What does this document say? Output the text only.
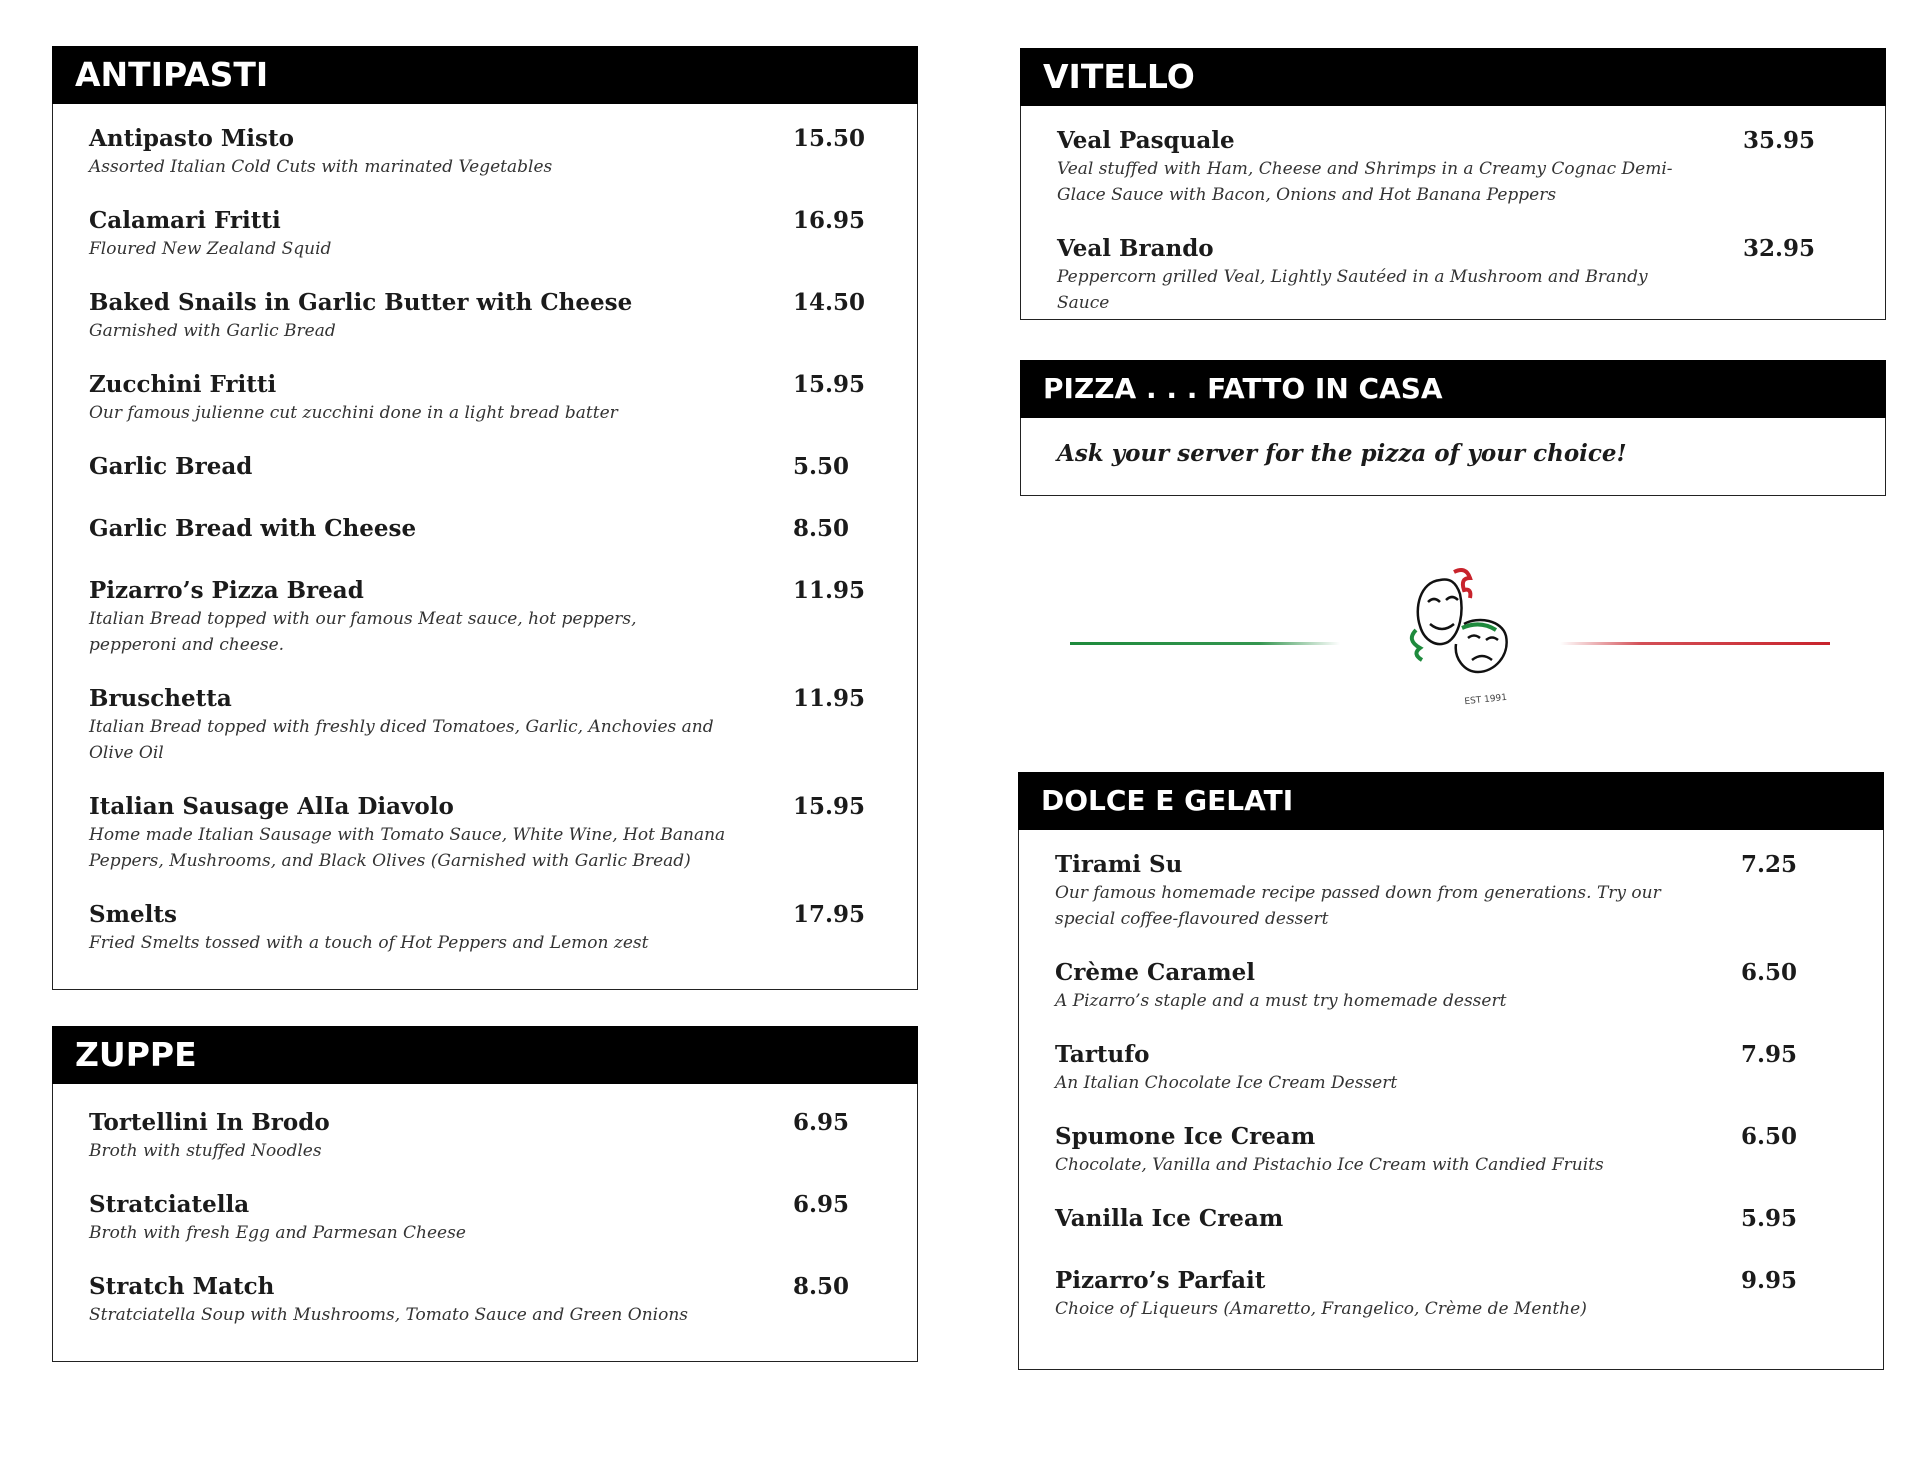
ANTIPASTI
Antipasto Misto	15.50
Assorted Italian Cold Cuts with marinated Vegetables
Calamari Fritti	16.95
Floured New Zealand Squid
Baked Snails in Garlic Butter with Cheese	14.50
Garnished with Garlic Bread
Zucchini Fritti	15.95
Our famous julienne cut zucchini done in a light bread batter
Garlic Bread	5.50
Garlic Bread with Cheese	8.50
Pizarro’s Pizza Bread	11.95
Italian Bread topped with our famous Meat sauce, hot peppers, pepperoni and cheese.
Bruschetta	11.95
Italian Bread topped with freshly diced Tomatoes, Garlic, Anchovies and Olive Oil
Italian Sausage AlIa Diavolo	15.95
Home made Italian Sausage with Tomato Sauce, White Wine, Hot Banana Peppers, Mushrooms, and Black Olives (Garnished with Garlic Bread)
Smelts	17.95
Fried Smelts tossed with a touch of Hot Peppers and Lemon zest
ZUPPE
Tortellini In Brodo	6.95
Broth with stuffed Noodles
Stratciatella	6.95
Broth with fresh Egg and Parmesan Cheese
Stratch Match	8.50
Stratciatella Soup with Mushrooms, Tomato Sauce and Green Onions
VITELLO
Veal Pasquale	35.95
Veal stuffed with Ham, Cheese and Shrimps in a Creamy Cognac Demi-Glace Sauce with Bacon, Onions and Hot Banana Peppers
Veal Brando	32.95
Peppercorn grilled Veal, Lightly Sautéed in a Mushroom and Brandy Sauce
PIZZA . . . FATTO IN CASA
Ask your server for the pizza of your choice!
EST 1991
DOLCE E GELATI
Tirami Su	7.25
Our famous homemade recipe passed down from generations. Try our special coffee-flavoured dessert
Crème Caramel	6.50
A Pizarro’s staple and a must try homemade dessert
Tartufo	7.95
An Italian Chocolate Ice Cream Dessert
Spumone Ice Cream	6.50
Chocolate, Vanilla and Pistachio Ice Cream with Candied Fruits
Vanilla Ice Cream	5.95
Pizarro’s Parfait	9.95
Choice of Liqueurs (Amaretto, Frangelico, Crème de Menthe)
